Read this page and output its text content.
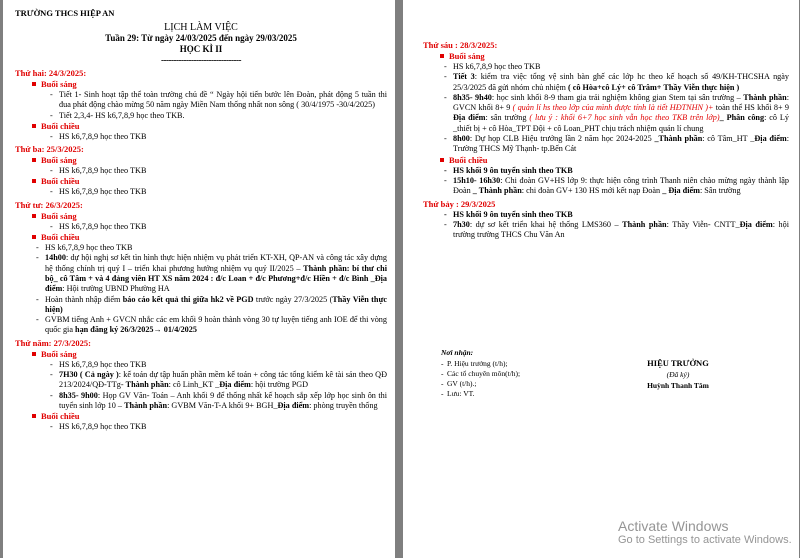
TRƯỜNG THCS HIỆP AN
LỊCH LÀM VIỆC
Tuần 29: Từ ngày 24/03/2025 đến ngày 29/03/2025
HỌC KÌ II
--------------------------------
Thứ hai: 24/3/2025:
Buổi sáng
- Tiết 1- Sinh hoạt tập thể toàn trường chủ đề “ Ngày hội tiến bước lên Đoàn, phát động 5 tuần thi đua phát động chào mừng 50 năm ngày Miền Nam thống nhất non sông ( 30/4/1975 -30/4/2025)
- Tiết 2,3,4- HS k6,7,8,9 học theo TKB.
Buổi chiều
- HS k6,7,8,9 học theo TKB
Thứ ba: 25/3/2025:
Buổi sáng
- HS k6,7,8,9 học theo TKB
Buổi chiều
- HS k6,7,8,9 học theo TKB
Thứ tư: 26/3/2025:
Buổi sáng
- HS k6,7,8,9 học theo TKB
Buổi chiều
- HS k6,7,8,9 học theo TKB
- 14h00: dự hội nghị sơ kết tìn hình thực hiện nhiệm vụ phát triển KT-XH, QP-AN và công tác xây dựng hệ thống chính trị quý I – triển khai phương hướng nhiệm vụ quý II/2025 – Thành phần: bí thư chi bộ_ cô Tâm + và 4 đảng viên HT XS năm 2024 : đ/c Loan + đ/c Phương+đ/c Hiền + đ/c Bình _Địa điểm: Hội trường UBND Phường HA
- Hoàn thành nhập điểm báo cáo kết quả thi giữa hk2 về PGD trước ngày 27/3/2025 (Thầy Viễn thực hiện)
- GVBM tiếng Anh + GVCN nhắc các em khối 9 hoàn thành vòng 30 tự luyện tiếng anh IOE để thi vòng quốc gia hạn đăng ký 26/3/2025→ 01/4/2025
Thứ năm: 27/3/2025:
Buổi sáng
- HS k6,7,8,9 học theo TKB
- 7H30 ( Cả ngày ): kế toán dự tập huấn phần mềm kế toán + công tác tổng kiểm kê tài sản theo QĐ 213/2024/QĐ-TTg- Thành phần: cô Linh_KT _Địa điểm: hội trường PGD
- 8h35- 9h00: Họp GV Văn- Toán – Anh khối 9 để thống nhất kế hoạch sắp xếp lớp học sinh ôn thi tuyển sinh lớp 10 – Thành phần: GVBM Văn-T-A khối 9+ BGH_Địa điểm: phòng truyền thống
Buổi chiều
- HS k6,7,8,9 học theo TKB
Thứ sáu : 28/3/2025:
Buổi sáng
- HS k6,7,8,9 học theo TKB
- Tiết 3: kiểm tra việc tổng vệ sinh bàn ghế các lớp hc theo kế hoạch số 49/KH-THCSHA ngày 25/3/2025 đã gửi nhóm chủ nhiệm ( cô Hòa+cô Lý+ cô Trâm+ Thầy Viễn thực hiện )
- 8h35- 9h40: học sinh khối 8-9 tham gia trải nghiệm không gian Stem tại sân trường – Thành phần: GVCN khối 8+ 9 ( quản lí hs theo lớp của mình được tính là tiết HĐTNHN )+ toàn thể HS khối 8+ 9 Địa điểm: sân trường ( lưu ý : khối 6+7 học sinh vẫn học theo TKB trên lớp)_ Phân công: cô Lý _thiết bị + cô Hòa_TPT Đội + cô Loan_PHT chịu trách nhiệm quản lí chung
- 8h00: Dự họp CLB Hiệu trưởng lần 2 năm học 2024-2025 _Thành phần: cô Tâm_HT _Địa điểm: Trường THCS Mỹ Thạnh- tp.Bến Cát
Buổi chiều
- HS khối 9 ôn tuyển sinh theo TKB
- 15h10- 16h30: Chi đoàn GV+HS lớp 9: thực hiện công trình Thanh niên chào mừng ngày thành lập Đoàn _ Thành phần: chi đoàn GV+ 130 HS mới kết nạp Đoàn _ Địa điểm: Sân trường
Thứ bảy : 29/3/2025
- HS khối 9 ôn tuyển sinh theo TKB
- 7h30: dự sơ kết triển khai hệ thống LMS360 – Thành phần: Thầy Viễn- CNTT_Địa điểm: hội trường trường THCS Chu Văn An
Nơi nhận:
- P. Hiệu trưởng (t/h);
- Các tổ chuyên môn(t/h);
- GV (t/h).;
- Lưu: VT.
HIỆU TRƯỞNG
(Đã ký)
Huỳnh Thanh Tâm
Activate Windows
Go to Settings to activate Windows.
